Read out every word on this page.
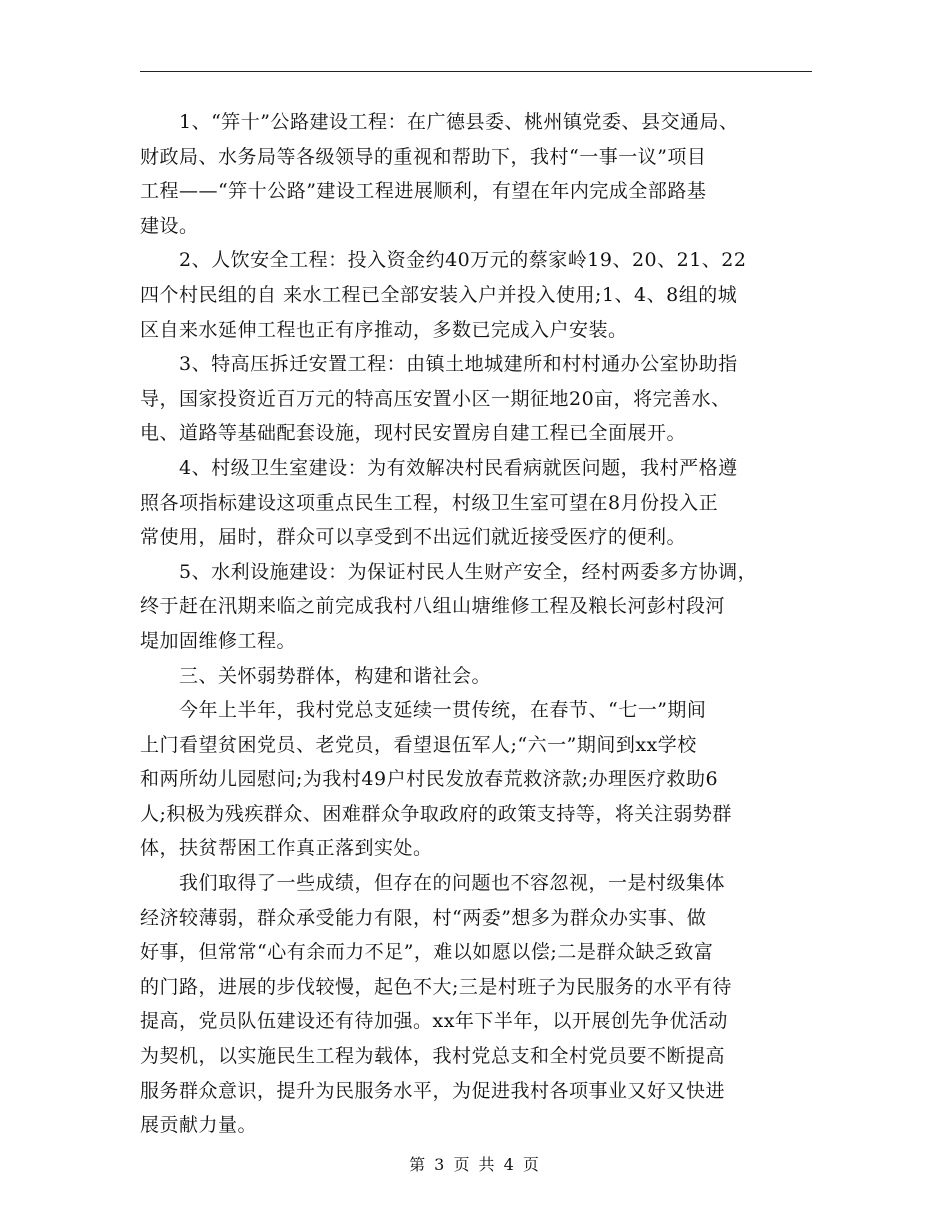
　　1、“笄十”公路建设工程：在广德县委、桃州镇党委、县交通局、
财政局、水务局等各级领导的重视和帮助下，我村“一事一议”项目
工程——“笄十公路”建设工程进展顺利，有望在年内完成全部路基
建设。
　　2、人饮安全工程：投入资金约40万元的蔡家岭19、20、21、22
四个村民组的自 来水工程已全部安装入户并投入使用;1、4、8组的城
区自来水延伸工程也正有序推动，多数已完成入户安装。
　　3、特高压拆迁安置工程：由镇土地城建所和村村通办公室协助指
导，国家投资近百万元的特高压安置小区一期征地20亩，将完善水、
电、道路等基础配套设施，现村民安置房自建工程已全面展开。
　　4、村级卫生室建设：为有效解决村民看病就医问题，我村严格遵
照各项指标建设这项重点民生工程，村级卫生室可望在8月份投入正
常使用，届时，群众可以享受到不出远们就近接受医疗的便利。
　　5、水利设施建设：为保证村民人生财产安全，经村两委多方协调，
终于赶在汛期来临之前完成我村八组山塘维修工程及粮长河彭村段河
堤加固维修工程。
　　三、关怀弱势群体，构建和谐社会。
　　今年上半年，我村党总支延续一贯传统，在春节、“七一”期间
上门看望贫困党员、老党员，看望退伍军人;“六一”期间到xx学校
和两所幼儿园慰问;为我村49户村民发放春荒救济款;办理医疗救助6
人;积极为残疾群众、困难群众争取政府的政策支持等，将关注弱势群
体，扶贫帮困工作真正落到实处。
　　我们取得了一些成绩，但存在的问题也不容忽视，一是村级集体
经济较薄弱，群众承受能力有限，村“两委”想多为群众办实事、做
好事，但常常“心有余而力不足”，难以如愿以偿;二是群众缺乏致富
的门路，进展的步伐较慢，起色不大;三是村班子为民服务的水平有待
提高，党员队伍建设还有待加强。xx年下半年，以开展创先争优活动
为契机，以实施民生工程为载体，我村党总支和全村党员要不断提高
服务群众意识，提升为民服务水平，为促进我村各项事业又好又快进
展贡献力量。
第 3 页 共 4 页
